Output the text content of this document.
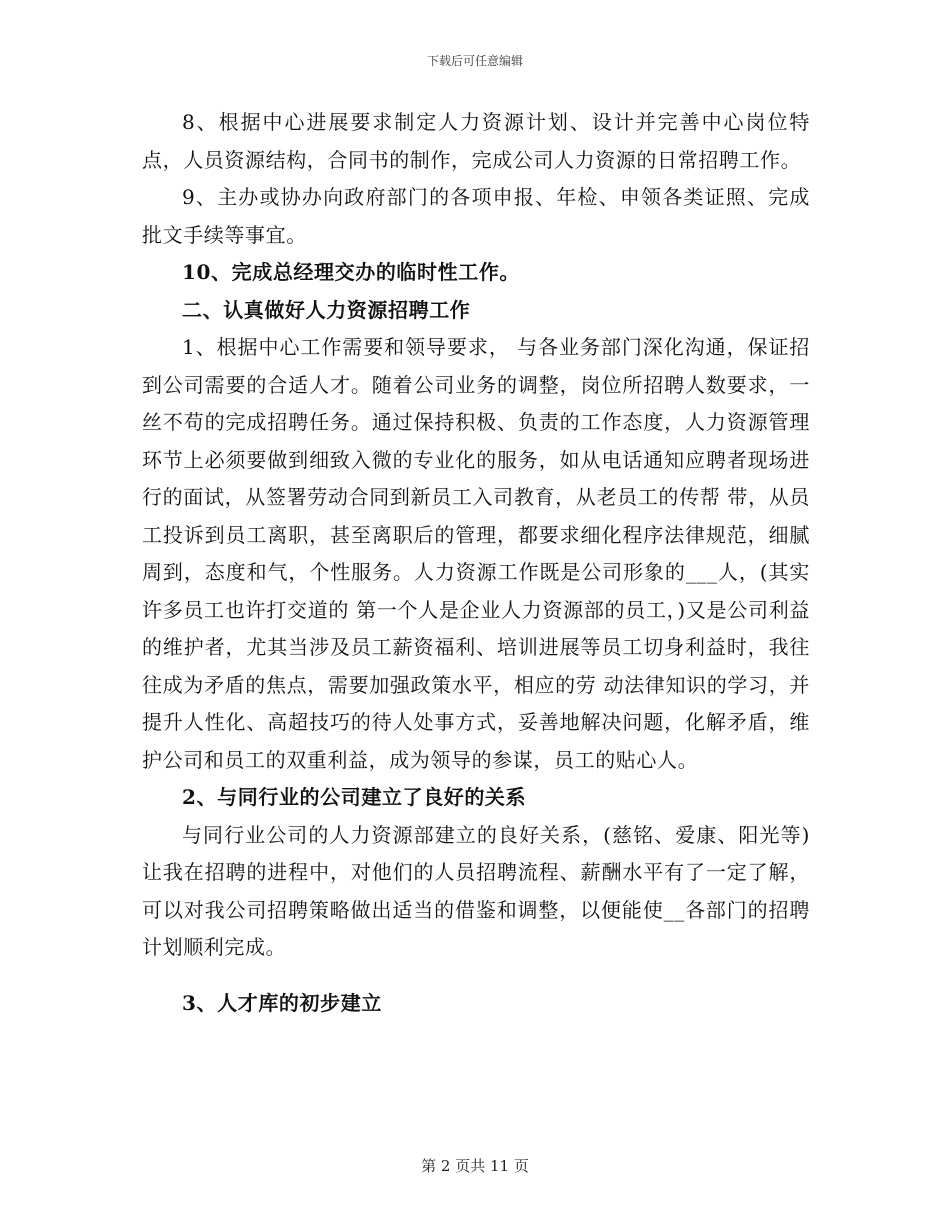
下载后可任意编辑

8、根据中心进展要求制定人力资源计划、设计并完善中心岗位特点，人员资源结构，合同书的制作，完成公司人力资源的日常招聘工作。

9、主办或协办向政府部门的各项申报、年检、申领各类证照、完成批文手续等事宜。

10、完成总经理交办的临时性工作。

二、认真做好人力资源招聘工作

1、根据中心工作需要和领导要求， 与各业务部门深化沟通，保证招到公司需要的合适人才。随着公司业务的调整，岗位所招聘人数要求，一丝不苟的完成招聘任务。通过保持积极、负责的工作态度，人力资源管理环节上必须要做到细致入微的专业化的服务，如从电话通知应聘者现场进行的面试，从签署劳动合同到新员工入司教育，从老员工的传帮 带，从员工投诉到员工离职，甚至离职后的管理，都要求细化程序法律规范，细腻周到，态度和气，个性服务。人力资源工作既是公司形象的___人，(其实许多员工也许打交道的 第一个人是企业人力资源部的员工，)又是公司利益的维护者，尤其当涉及员工薪资福利、培训进展等员工切身利益时，我往往成为矛盾的焦点，需要加强政策水平，相应的劳 动法律知识的学习，并提升人性化、高超技巧的待人处事方式，妥善地解决问题，化解矛盾，维护公司和员工的双重利益，成为领导的参谋，员工的贴心人。

2、与同行业的公司建立了良好的关系

与同行业公司的人力资源部建立的良好关系，(慈铭、爱康、阳光等)让我在招聘的进程中，对他们的人员招聘流程、薪酬水平有了一定了解，可以对我公司招聘策略做出适当的借鉴和调整，以便能使__各部门的招聘计划顺利完成。

3、人才库的初步建立

第 2 页共 11 页
